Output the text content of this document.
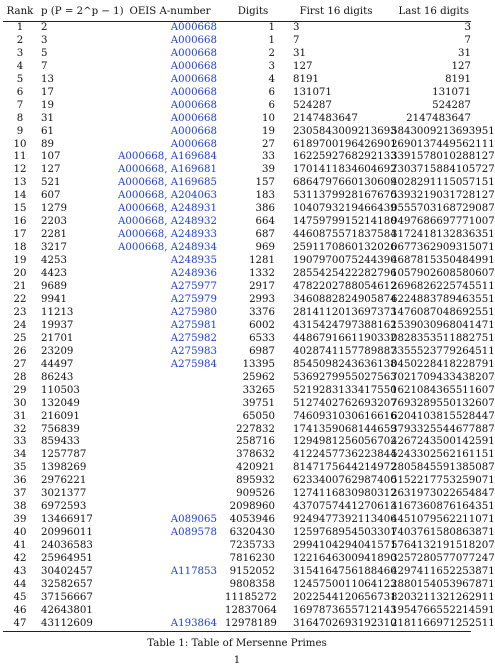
Rank	p (P = 2^p − 1)	OEIS A-number	Digits	First 16 digits	Last 16 digits
1	2	A000668	1	3	3
2	3	A000668	1	7	7
3	5	A000668	2	31	31
4	7	A000668	3	127	127
5	13	A000668	4	8191	8191
6	17	A000668	6	131071	131071
7	19	A000668	6	524287	524287
8	31	A000668	10	2147483647	2147483647
9	61	A000668	19	2305843009213693	5843009213693951
10	89	A000668	27	6189700196426901	2690137449562111
11	107	A000668, A169684	33	1622592768292133	3391578010288127
12	127	A000668, A169681	39	1701411834604692	7303715884105727
13	521	A000668, A169685	157	6864797660130609	4028291115057151
14	607	A000668, A204063	183	5311379928167670	5393219031728127
15	1279	A000668, A248931	386	1040793219466439	0555703168729087
16	2203	A000668, A248932	664	1475979915214180	9497686697771007
17	2281	A000668, A248933	687	4460875571837584	3172418132836351
18	3217	A000668, A248934	969	2591170860132026	0677362909315071
19	4253	A248935	1281	1907970075244390	4687815350484991
20	4423	A248936	1332	2855425422282796	1057902608580607
21	9689	A275977	2917	4782202788054612	2696826225745511
22	9941	A275979	2993	3460882824905874	6224883789463551
23	11213	A275980	3376	2814112013697373	1476087048692551
24	19937	A275981	6002	4315424797388162	1539030968041471
25	21701	A275982	6533	4486791661190332	0828353511882751
26	23209	A275983	6987	4028741157789887	3355523779264511
27	44497	A275984	13395	8545098243636138	0450228418228791
28	86243		25962	5369279955027563	7021709433438207
29	110503		33265	5219283133417550	1621084365511607
30	132049		39751	5127402762693207	7693289550132607
31	216091		65050	7460931030616616	6204103815528447
32	756839		227832	1741359068144659	3793325544677887
33	859433		258716	1294981256056702	4267243500142591
34	1257787		378632	4122457736223844	5243302562161151
35	1398269		420921	8147175644214972	2805845591385087
36	2976221		895932	6233400762987400	5152217753259071
37	3021377		909526	1274116830980312	2631973022654847
38	6972593		2098960	4370757441270613	4167360876164351
39	13466917	A089065	4053946	9249477392113406	4451079562211071
40	20996011	A089578	6320430	1259768954503301	7403761580863871
41	24036583		7235733	2994104294041571	5764132191518207
42	25964951		7816230	1221646300941890	3257280577077247
43	30402457	A117853	9152052	3154164756188460	4297411652253871
44	32582657		9808358	1245750011064123	2880154053967871
45	37156667		11185272	2022544120656731	8203211321262911
46	42643801		12837064	1697873655712143	1954766552214591
47	43112609	A193864	12978189	3164702693192310	2181166971252511
Table 1: Table of Mersenne Primes
1
